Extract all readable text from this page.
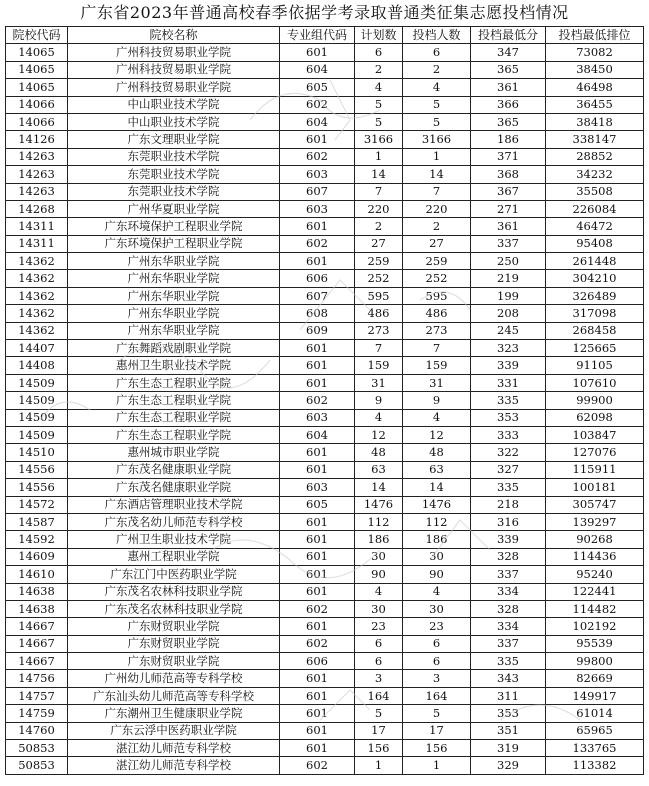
广东省2023年普通高校春季依据学考录取普通类征集志愿投档情况
院校代码	院校名称	专业组代码	计划数	投档人数	投档最低分	投档最低排位
14065	广州科技贸易职业学院	601	6	6	347	73082
14065	广州科技贸易职业学院	604	2	2	365	38450
14065	广州科技贸易职业学院	605	4	4	361	46498
14066	中山职业技术学院	602	5	5	366	36455
14066	中山职业技术学院	604	5	5	365	38418
14126	广东文理职业学院	601	3166	3166	186	338147
14263	东莞职业技术学院	602	1	1	371	28852
14263	东莞职业技术学院	603	14	14	368	34232
14263	东莞职业技术学院	607	7	7	367	35508
14268	广州华夏职业学院	603	220	220	271	226084
14311	广东环境保护工程职业学院	601	2	2	361	46472
14311	广东环境保护工程职业学院	602	27	27	337	95408
14362	广州东华职业学院	601	259	259	250	261448
14362	广州东华职业学院	606	252	252	219	304210
14362	广州东华职业学院	607	595	595	199	326489
14362	广州东华职业学院	608	486	486	208	317098
14362	广州东华职业学院	609	273	273	245	268458
14407	广东舞蹈戏剧职业学院	601	7	7	323	125665
14408	惠州卫生职业技术学院	601	159	159	339	91105
14509	广东生态工程职业学院	601	31	31	331	107610
14509	广东生态工程职业学院	602	9	9	335	99900
14509	广东生态工程职业学院	603	4	4	353	62098
14509	广东生态工程职业学院	604	12	12	333	103847
14510	惠州城市职业学院	601	48	48	322	127076
14556	广东茂名健康职业学院	601	63	63	327	115911
14556	广东茂名健康职业学院	603	14	14	335	100181
14572	广东酒店管理职业技术学院	605	1476	1476	218	305747
14587	广东茂名幼儿师范专科学校	601	112	112	316	139297
14592	广州卫生职业技术学院	601	186	186	339	90268
14609	惠州工程职业学院	601	30	30	328	114436
14610	广东江门中医药职业学院	601	90	90	337	95240
14638	广东茂名农林科技职业学院	601	4	4	334	122441
14638	广东茂名农林科技职业学院	602	30	30	328	114482
14667	广东财贸职业学院	601	23	23	334	102192
14667	广东财贸职业学院	602	6	6	337	95539
14667	广东财贸职业学院	606	6	6	335	99800
14756	广州幼儿师范高等专科学校	601	3	3	343	82669
14757	广东汕头幼儿师范高等专科学校	601	164	164	311	149917
14759	广东潮州卫生健康职业学院	601	5	5	353	61014
14760	广东云浮中医药职业学院	601	17	17	351	65965
50853	湛江幼儿师范专科学校	601	156	156	319	133765
50853	湛江幼儿师范专科学校	602	1	1	329	113382
